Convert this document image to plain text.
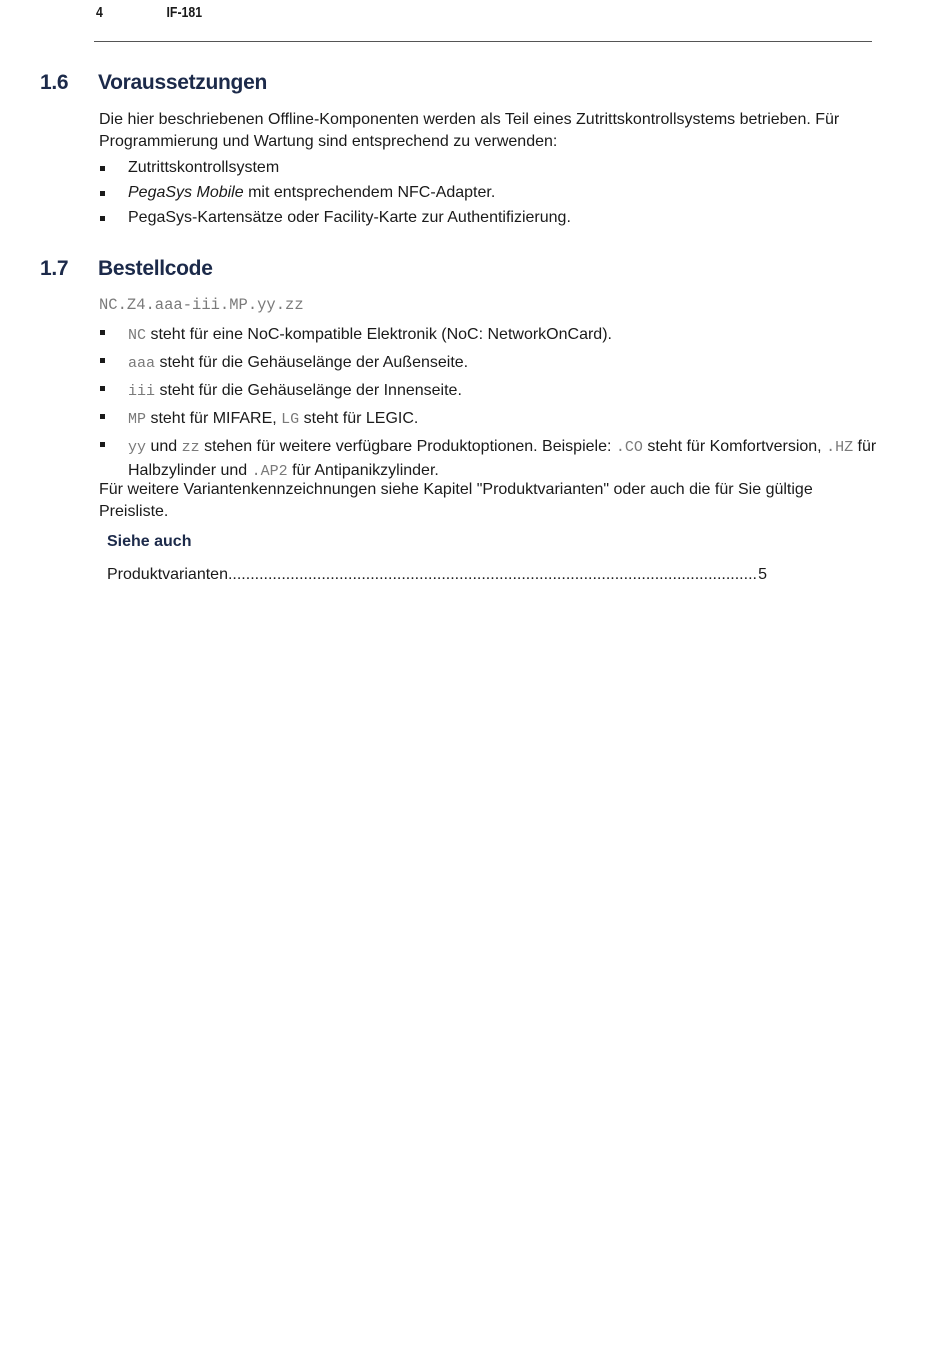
4	IF-181
1.6 Voraussetzungen
Die hier beschriebenen Offline-Komponenten werden als Teil eines Zutrittskontrollsystems betrieben. Für Programmierung und Wartung sind entsprechend zu verwenden:
Zutrittskontrollsystem
PegaSys Mobile mit entsprechendem NFC-Adapter.
PegaSys-Kartensätze oder Facility-Karte zur Authentifizierung.
1.7 Bestellcode
NC.Z4.aaa-iii.MP.yy.zz
NC steht für eine NoC-kompatible Elektronik (NoC: NetworkOnCard).
aaa steht für die Gehäuselänge der Außenseite.
iii steht für die Gehäuselänge der Innenseite.
MP steht für MIFARE, LG steht für LEGIC.
yy und zz stehen für weitere verfügbare Produktoptionen. Beispiele: .CO steht für Komfortversion, .HZ für Halbzylinder und .AP2 für Antipanikzylinder.
Für weitere Variantenkennzeichnungen siehe Kapitel "Produktvarianten" oder auch die für Sie gültige Preisliste.
Siehe auch
Produktvarianten
.....	5
